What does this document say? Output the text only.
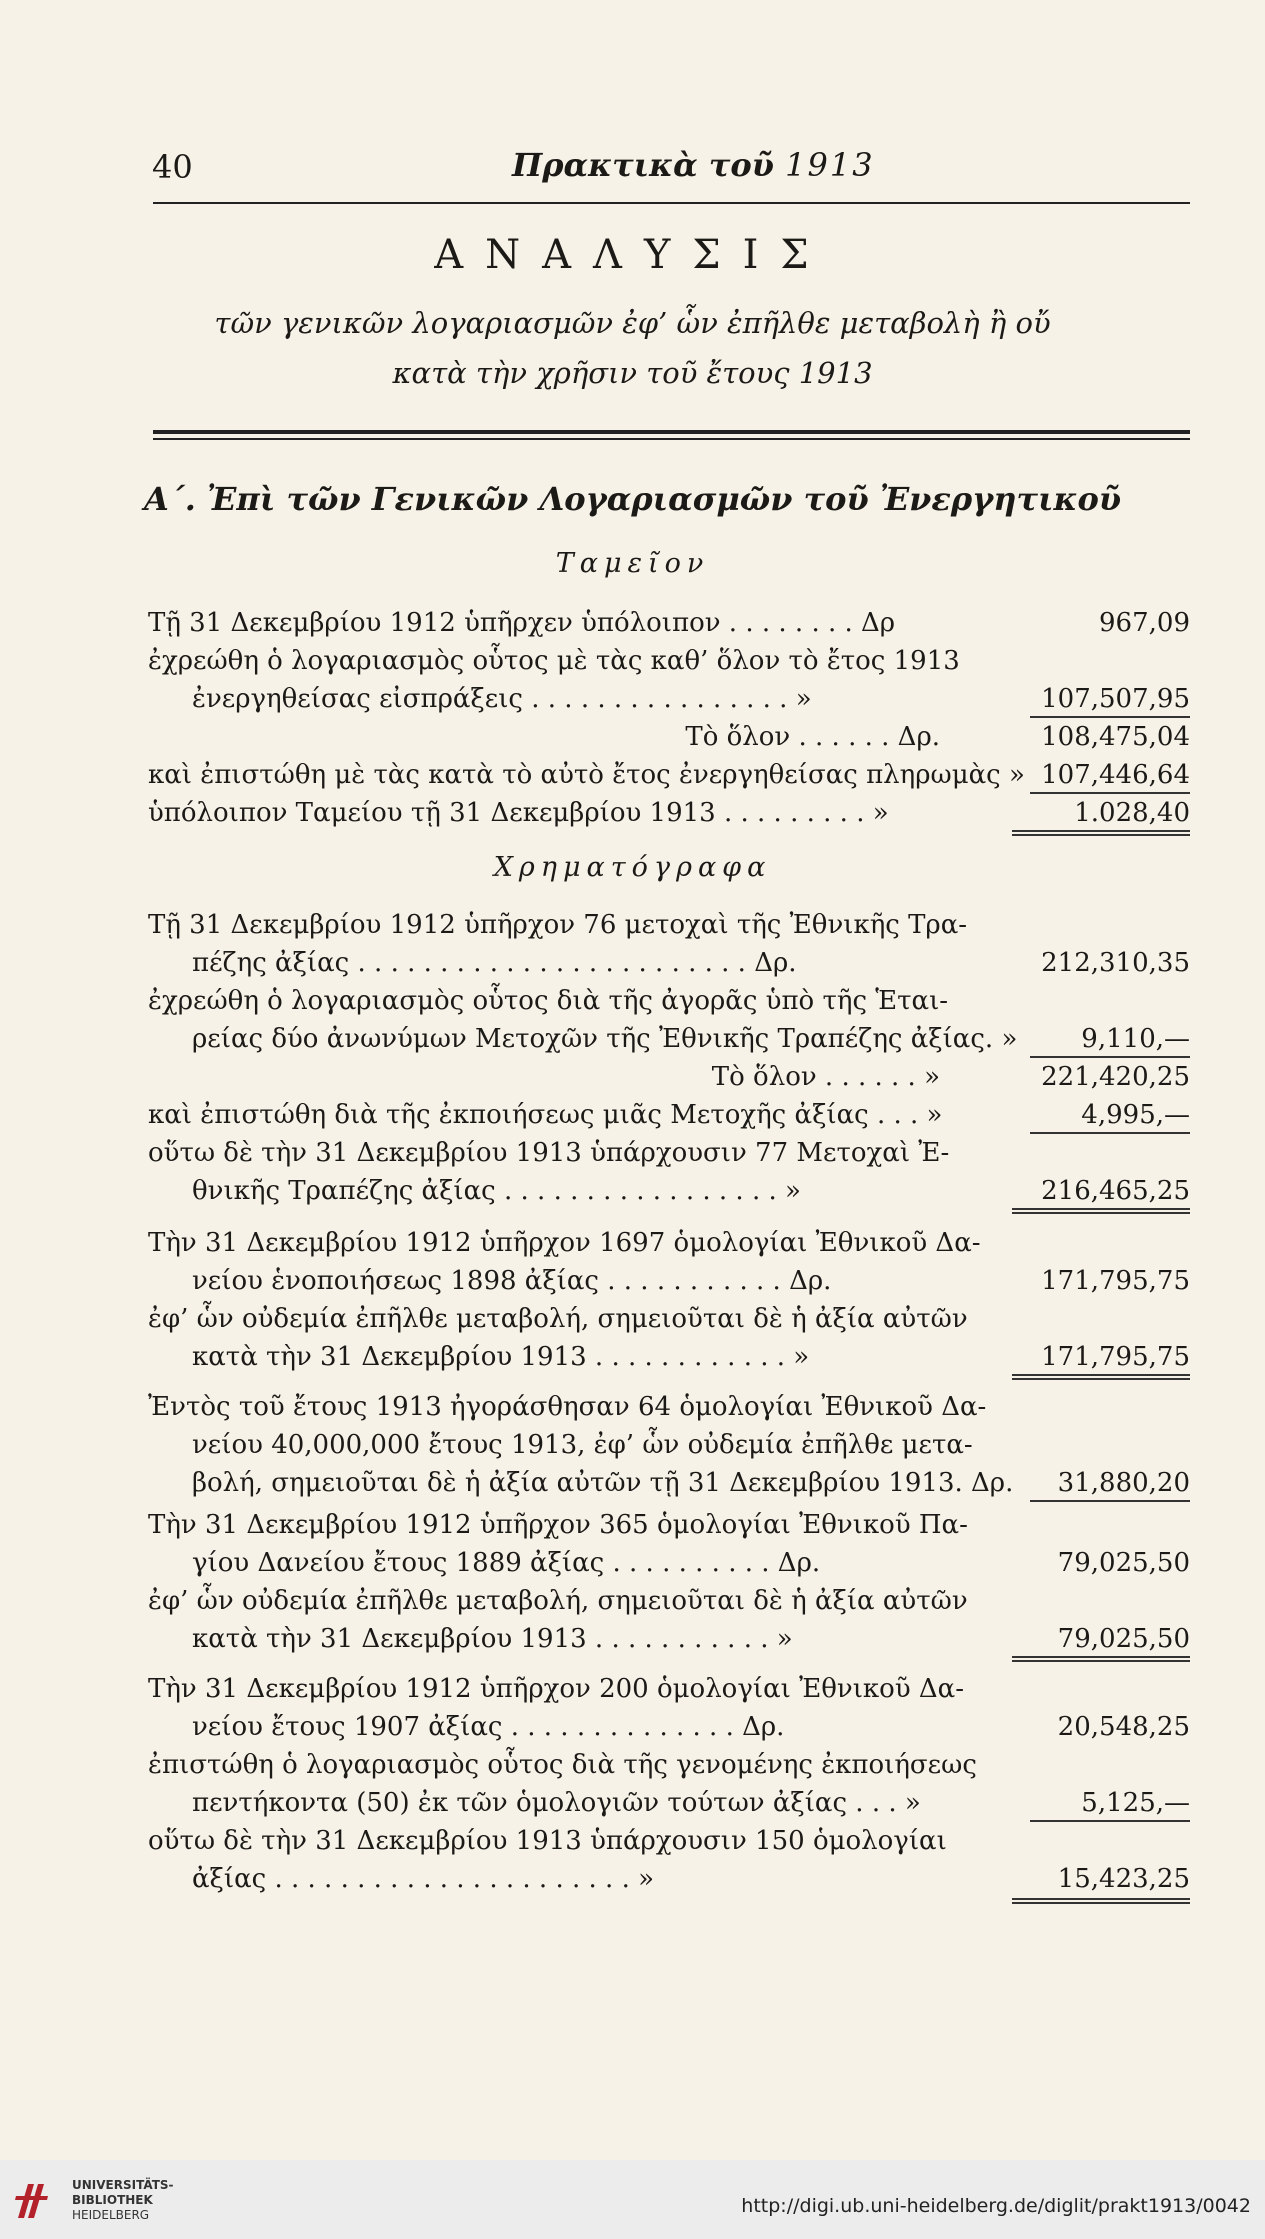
40	Πρακτικὰ τοῦ 1913
ΑΝΑΛΥΣΙΣ
τῶν γενικῶν λογαριασμῶν ἐφ’ ὧν ἐπῆλθε μεταβολὴ ἢ οὔ
κατὰ τὴν χρῆσιν τοῦ ἔτους 1913
Α΄. Ἐπὶ τῶν Γενικῶν Λογαριασμῶν τοῦ Ἐνεργητικοῦ
Ταμεῖον
Τῇ 31 Δεκεμβρίου 1912 ὑπῆρχεν ὑπόλοιπον . . . . . . . . Δρ	967,09
ἐχρεώθη ὁ λογαριασμὸς οὗτος μὲ τὰς καθ’ ὅλον τὸ ἔτος 1913
ἐνεργηθείσας εἰσπράξεις . . . . . . . . . . . . . . . . »	107,507,95
Τὸ ὅλον . . . . . . Δρ.	108,475,04
καὶ ἐπιστώθη μὲ τὰς κατὰ τὸ αὐτὸ ἔτος ἐνεργηθείσας πληρωμὰς » 107,446,64
ὑπόλοιπον Ταμείου τῇ 31 Δεκεμβρίου 1913 . . . . . . . . . »	1.028,40
Χρηματόγραφα
Τῇ 31 Δεκεμβρίου 1912 ὑπῆρχον 76 μετοχαὶ τῆς Ἐθνικῆς Τρα-
πέζης ἀξίας . . . . . . . . . . . . . . . . . . . . . . . . Δρ.	212,310,35
ἐχρεώθη ὁ λογαριασμὸς οὗτος διὰ τῆς ἀγορᾶς ὑπὸ τῆς Ἑται-
ρείας δύο ἀνωνύμων Μετοχῶν τῆς Ἐθνικῆς Τραπέζης ἀξίας. »	9,110,—
Τὸ ὅλον . . . . . . »	221,420,25
καὶ ἐπιστώθη διὰ τῆς ἐκποιήσεως μιᾶς Μετοχῆς ἀξίας . . . »	4,995,—
οὕτω δὲ τὴν 31 Δεκεμβρίου 1913 ὑπάρχουσιν 77 Μετοχαὶ Ἐ-
θνικῆς Τραπέζης ἀξίας . . . . . . . . . . . . . . . . . »	216,465,25
Τὴν 31 Δεκεμβρίου 1912 ὑπῆρχον 1697 ὁμολογίαι Ἐθνικοῦ Δα-
νείου ἑνοποιήσεως 1898 ἀξίας . . . . . . . . . . . Δρ.	171,795,75
ἐφ’ ὧν οὐδεμία ἐπῆλθε μεταβολή, σημειοῦται δὲ ἡ ἀξία αὐτῶν
κατὰ τὴν 31 Δεκεμβρίου 1913 . . . . . . . . . . . . »	171,795,75
Ἐντὸς τοῦ ἔτους 1913 ἠγοράσθησαν 64 ὁμολογίαι Ἐθνικοῦ Δα-
νείου 40,000,000 ἔτους 1913, ἐφ’ ὧν οὐδεμία ἐπῆλθε μετα-
βολή, σημειοῦται δὲ ἡ ἀξία αὐτῶν τῇ 31 Δεκεμβρίου 1913. Δρ.	31,880,20
Τὴν 31 Δεκεμβρίου 1912 ὑπῆρχον 365 ὁμολογίαι Ἐθνικοῦ Πα-
γίου Δανείου ἔτους 1889 ἀξίας . . . . . . . . . . Δρ.	79,025,50
ἐφ’ ὧν οὐδεμία ἐπῆλθε μεταβολή, σημειοῦται δὲ ἡ ἀξία αὐτῶν
κατὰ τὴν 31 Δεκεμβρίου 1913 . . . . . . . . . . . »	79,025,50
Τὴν 31 Δεκεμβρίου 1912 ὑπῆρχον 200 ὁμολογίαι Ἐθνικοῦ Δα-
νείου ἔτους 1907 ἀξίας . . . . . . . . . . . . . . Δρ.	20,548,25
ἐπιστώθη ὁ λογαριασμὸς οὗτος διὰ τῆς γενομένης ἐκποιήσεως
πεντήκοντα (50) ἐκ τῶν ὁμολογιῶν τούτων ἀξίας . . . »	5,125,—
οὕτω δὲ τὴν 31 Δεκεμβρίου 1913 ὑπάρχουσιν 150 ὁμολογίαι
ἀξίας . . . . . . . . . . . . . . . . . . . . . . »	15,423,25
UNIVERSITÄTS-
BIBLIOTHEK
HEIDELBERG	http://digi.ub.uni-heidelberg.de/diglit/prakt1913/0042
